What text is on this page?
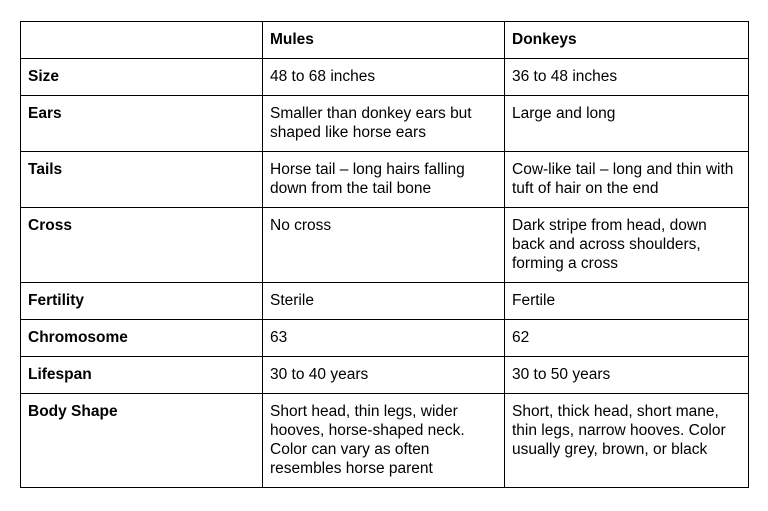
	Mules	Donkeys
Size	48 to 68 inches	36 to 48 inches
Ears	Smaller than donkey ears but shaped like horse ears	Large and long
Tails	Horse tail – long hairs falling down from the tail bone	Cow-like tail – long and thin with tuft of hair on the end
Cross	No cross	Dark stripe from head, down back and across shoulders, forming a cross
Fertility	Sterile	Fertile
Chromosome	63	62
Lifespan	30 to 40 years	30 to 50 years
Body Shape	Short head, thin legs, wider hooves, horse-shaped neck. Color can vary as often resembles horse parent	Short, thick head, short mane, thin legs, narrow hooves. Color usually grey, brown, or black
